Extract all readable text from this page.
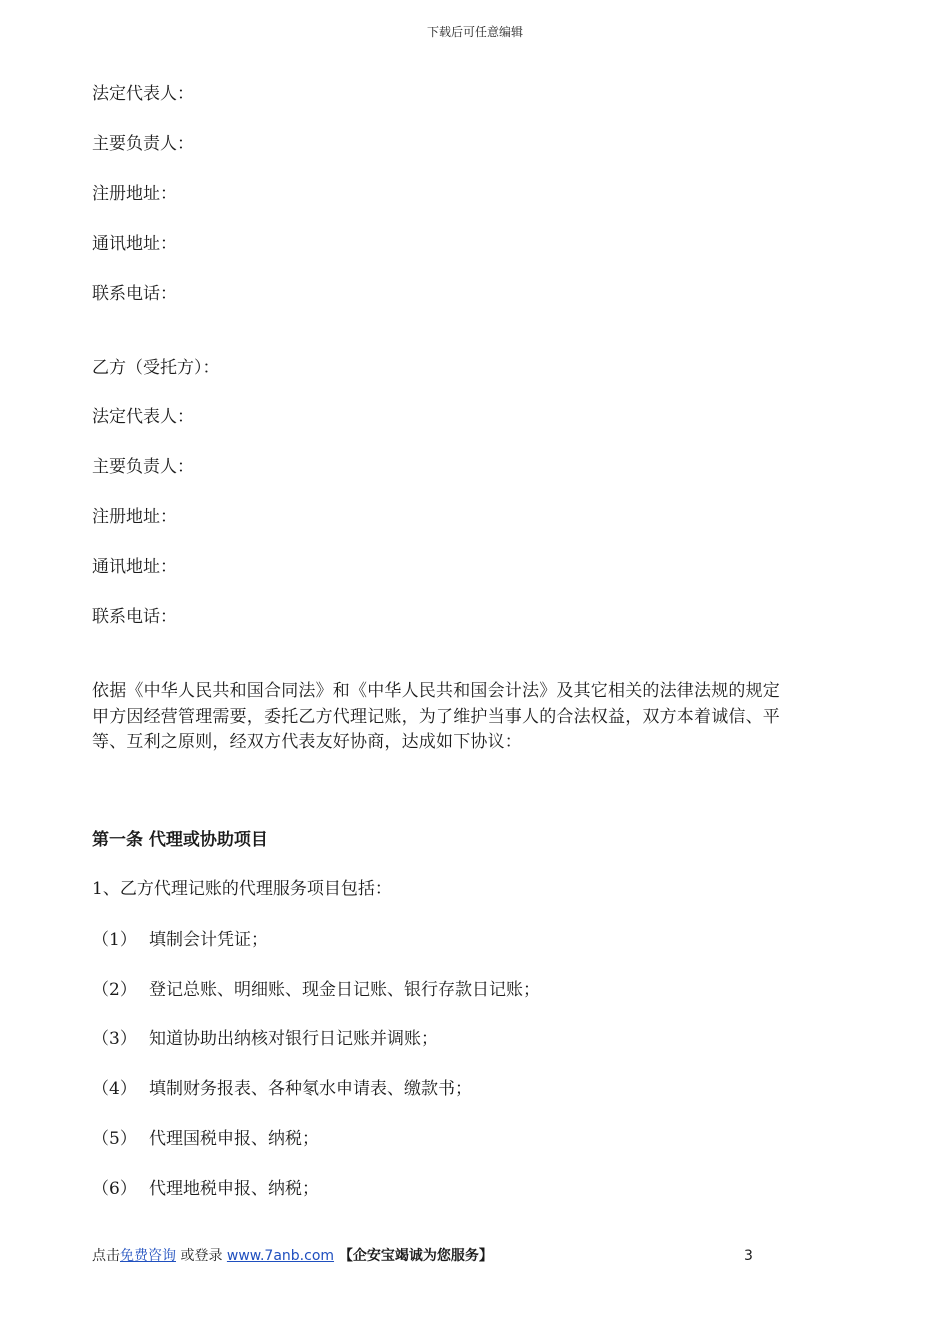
下载后可任意编辑
法定代表人：
主要负责人：
注册地址：
通讯地址：
联系电话：
乙方（受托方）：
法定代表人：
主要负责人：
注册地址：
通讯地址：
联系电话：
依据《中华人民共和国合同法》和《中华人民共和国会计法》及其它相关的法律法规的规定
甲方因经营管理需要，委托乙方代理记账，为了维护当事人的合法权益，双方本着诚信、平
等、互利之原则，经双方代表友好协商，达成如下协议：
第一条 代理或协助项目
1、乙方代理记账的代理服务项目包括：
（1） 填制会计凭证；
（2） 登记总账、明细账、现金日记账、银行存款日记账；
（3） 知道协助出纳核对银行日记账并调账；
（4） 填制财务报表、各种氡水申请表、缴款书；
（5） 代理国税申报、纳税；
（6） 代理地税申报、纳税；
点击免费咨询 或登录 www.7anb.com 【企安宝竭诚为您服务】	3
